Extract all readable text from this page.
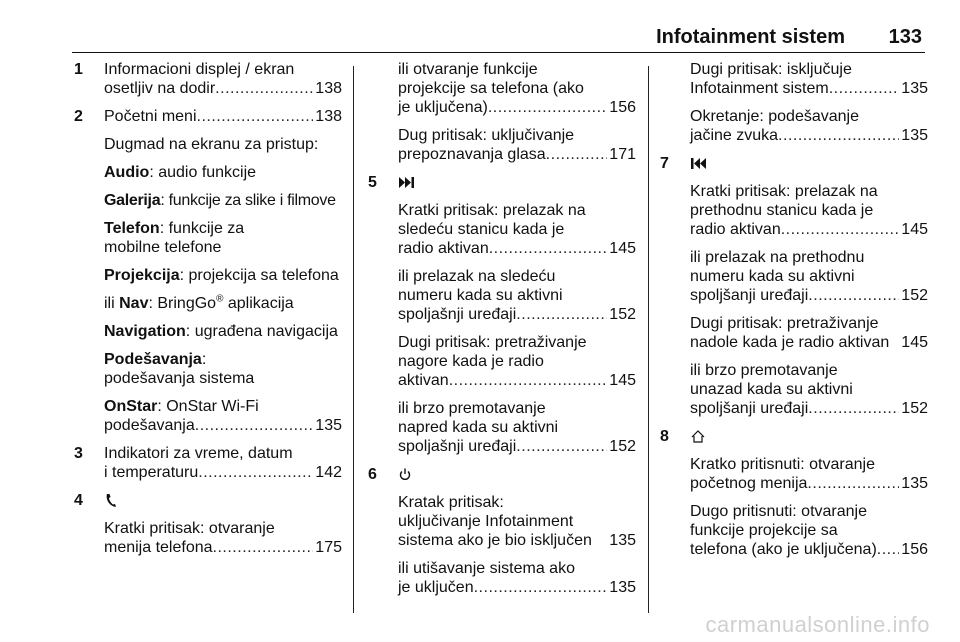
Infotainment sistem 133
1 Informacioni displej / ekran
osetljiv na dodir .....	138
2 Početni meni .....	138
Dugmad na ekranu za pristup:
Audio: audio funkcije
Galerija: funkcije za slike i filmove
Telefon: funkcije za
mobilne telefone
Projekcija: projekcija sa telefona
ili Nav: BringGo® aplikacija
Navigation: ugrađena navigacija
Podešavanja:
podešavanja sistema
OnStar: OnStar Wi-Fi
podešavanja .....	135
3 Indikatori za vreme, datum
i temperaturu .....	142
4
Kratki pritisak: otvaranje
menija telefona .....	175
ili otvaranje funkcije
projekcije sa telefona (ako
je uključena) .....	156
Dug pritisak: uključivanje
prepoznavanja glasa .....	171
5
Kratki pritisak: prelazak na
sledeću stanicu kada je
radio aktivan .....	145
ili prelazak na sledeću
numeru kada su aktivni
spoljašnji uređaji .....	152
Dugi pritisak: pretraživanje
nagore kada je radio
aktivan .....	145
ili brzo premotavanje
napred kada su aktivni
spoljašnji uređaji .....	152
6
Kratak pritisak:
uključivanje Infotainment
sistema ako je bio isključen 135
ili utišavanje sistema ako
je uključen .....	135
Dugi pritisak: isključuje
Infotainment sistem .....	135
Okretanje: podešavanje
jačine zvuka .....	135
7
Kratki pritisak: prelazak na
prethodnu stanicu kada je
radio aktivan .....	145
ili prelazak na prethodnu
numeru kada su aktivni
spoljšanji uređaji .....	152
Dugi pritisak: pretraživanje
nadole kada je radio aktivan 145
ili brzo premotavanje
unazad kada su aktivni
spoljšanji uređaji .....	152
8
Kratko pritisnuti: otvaranje
početnog menija .....	135
Dugo pritisnuti: otvaranje
funkcije projekcije sa
telefona (ako je uključena) ..... 156
carmanualsonline.info
